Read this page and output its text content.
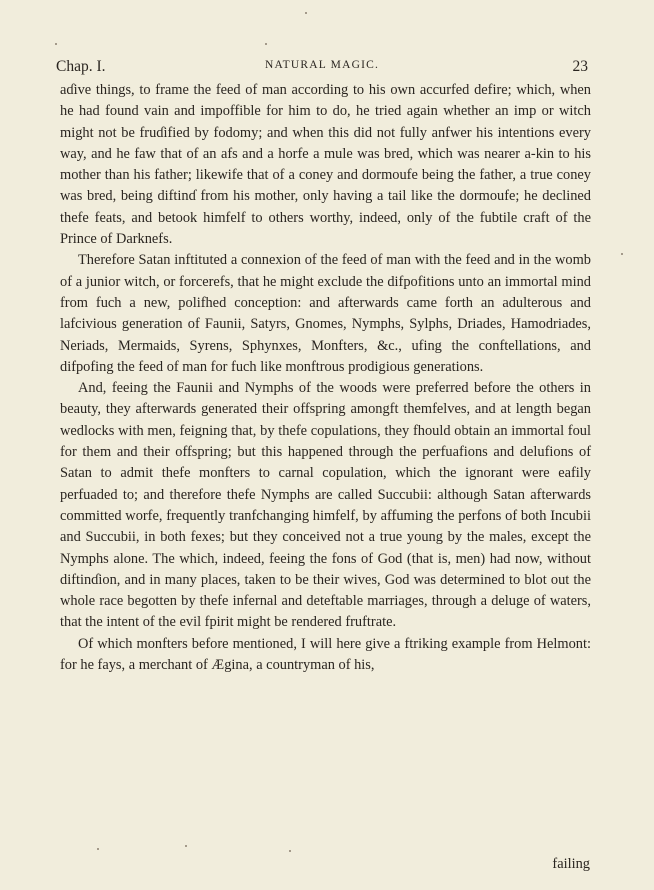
Chap. I.	NATURAL MAGIC.	23

aɗive things, to frame the feed of man according to his own accurfed defire; which, when he had found vain and impoffible for him to do, he tried again whether an imp or witch might not be fruɗified by fodomy; and when this did not fully anfwer his intentions every way, and he faw that of an afs and a horfe a mule was bred, which was nearer a-kin to his mother than his father; likewife that of a coney and dormoufe being the father, a true coney was bred, being diftinɗ from his mother, only having a tail like the dormoufe; he declined thefe feats, and betook himfelf to others worthy, indeed, only of the fubtile craft of the Prince of Darknefs.

Therefore Satan inftituted a connexion of the feed of man with the feed and in the womb of a junior witch, or forcerefs, that he might exclude the difpofitions unto an immortal mind from fuch a new, polifhed conception: and afterwards came forth an adulterous and lafcivious generation of Faunii, Satyrs, Gnomes, Nymphs, Sylphs, Driades, Hamodriades, Neriads, Mermaids, Syrens, Sphynxes, Monfters, &c., ufing the conftellations, and difpofing the feed of man for fuch like monftrous prodigious generations.

And, feeing the Faunii and Nymphs of the woods were preferred before the others in beauty, they afterwards generated their offspring amongft themfelves, and at length began wedlocks with men, feigning that, by thefe copulations, they fhould obtain an immortal foul for them and their offspring; but this happened through the perfuafions and delufions of Satan to admit thefe monfters to carnal copulation, which the ignorant were eafily perfuaded to; and therefore thefe Nymphs are called Succubii: although Satan afterwards committed worfe, frequently tranfchanging himfelf, by affuming the perfons of both Incubii and Succubii, in both fexes; but they conceived not a true young by the males, except the Nymphs alone. The which, indeed, feeing the fons of God (that is, men) had now, without diftinɗion, and in many places, taken to be their wives, God was determined to blot out the whole race begotten by thefe infernal and deteftable marriages, through a deluge of waters, that the intent of the evil fpirit might be rendered fruftrate.

Of which monfters before mentioned, I will here give a ftriking example from Helmont: for he fays, a merchant of Ægina, a countryman of his,

failing
